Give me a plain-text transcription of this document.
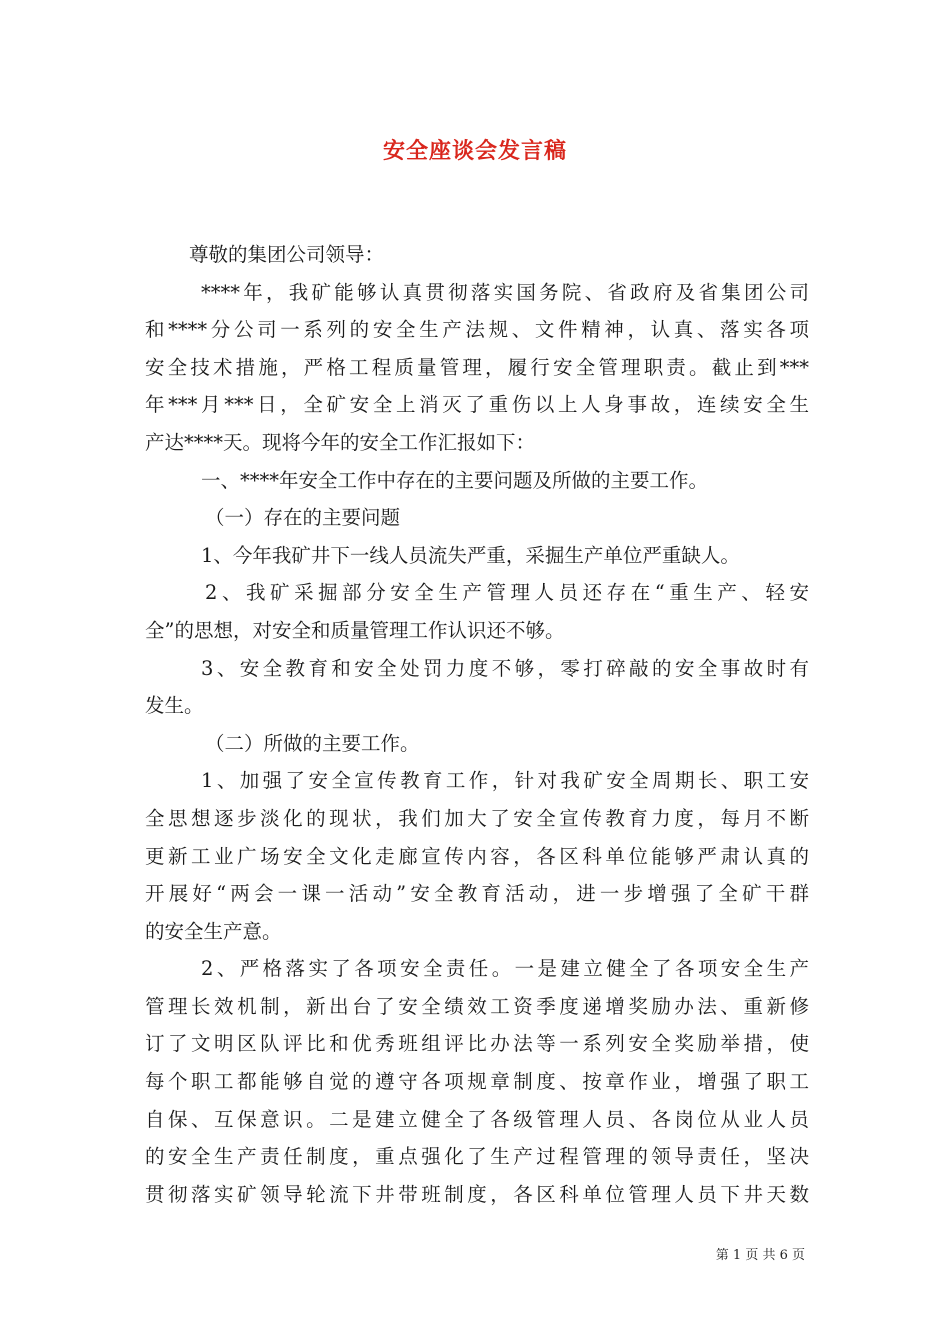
安全座谈会发言稿
尊敬的集团公司领导：
****年，我矿能够认真贯彻落实国务院、省政府及省集团公司
和****分公司一系列的安全生产法规、文件精神，认真、落实各项
安全技术措施，严格工程质量管理，履行安全管理职责。截止到***
年***月***日，全矿安全上消灭了重伤以上人身事故，连续安全生
产达****天。现将今年的安全工作汇报如下：
一、****年安全工作中存在的主要问题及所做的主要工作。
（一）存在的主要问题
1、今年我矿井下一线人员流失严重，采掘生产单位严重缺人。
2、我矿采掘部分安全生产管理人员还存在“重生产、轻安
全”的思想，对安全和质量管理工作认识还不够。
3、安全教育和安全处罚力度不够，零打碎敲的安全事故时有
发生。
（二）所做的主要工作。
1、加强了安全宣传教育工作，针对我矿安全周期长、职工安
全思想逐步淡化的现状，我们加大了安全宣传教育力度，每月不断
更新工业广场安全文化走廊宣传内容，各区科单位能够严肃认真的
开展好“两会一课一活动”安全教育活动，进一步增强了全矿干群
的安全生产意。
2、严格落实了各项安全责任。一是建立健全了各项安全生产
管理长效机制，新出台了安全绩效工资季度递增奖励办法、重新修
订了文明区队评比和优秀班组评比办法等一系列安全奖励举措，使
每个职工都能够自觉的遵守各项规章制度、按章作业，增强了职工
自保、互保意识。二是建立健全了各级管理人员、各岗位从业人员
的安全生产责任制度，重点强化了生产过程管理的领导责任，坚决
贯彻落实矿领导轮流下井带班制度，各区科单位管理人员下井天数
第 1 页 共 6 页
